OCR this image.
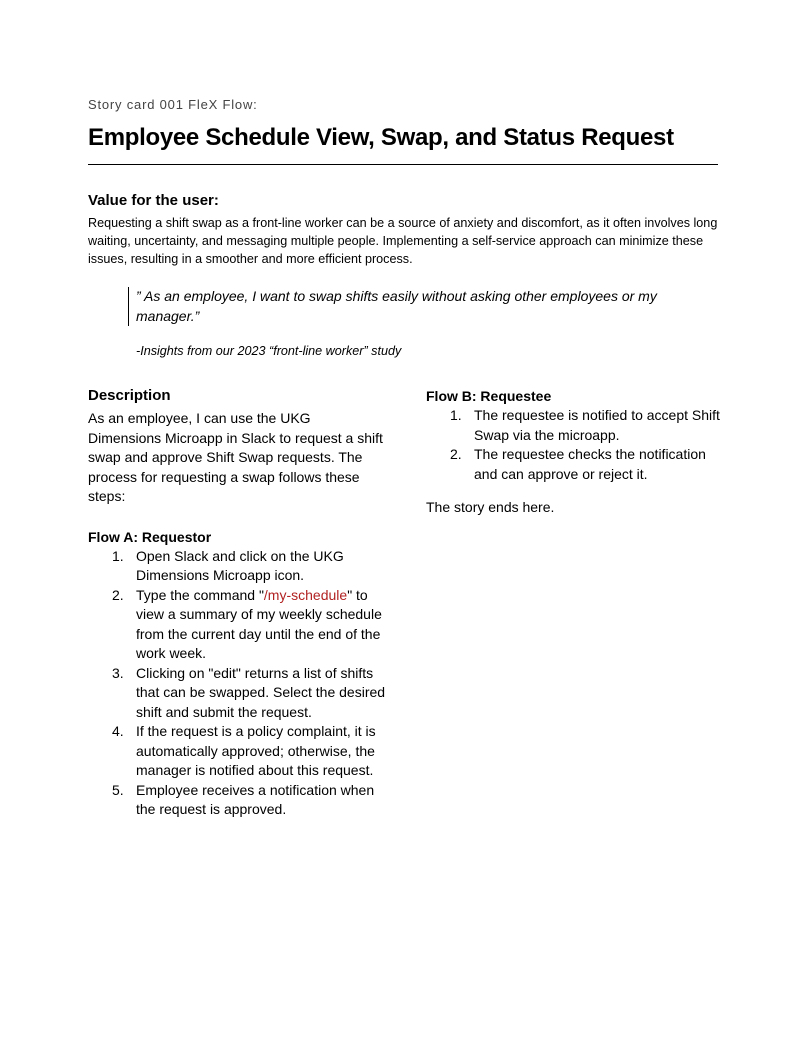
Story card 001 FleX Flow:
Employee Schedule View, Swap, and Status Request
Value for the user:
Requesting a shift swap as a front-line worker can be a source of anxiety and discomfort, as it often involves long waiting, uncertainty, and messaging multiple people. Implementing a self-service approach can minimize these issues, resulting in a smoother and more efficient process.
” As an employee, I want to swap shifts easily without asking other employees or my manager.”
-Insights from our 2023 “front-line worker” study
Description

As an employee, I can use the UKG Dimensions Microapp in Slack to request a shift swap and approve Shift Swap requests. The process for requesting a swap follows these steps:

Flow A: Requestor
1. Open Slack and click on the UKG Dimensions Microapp icon.
2. Type the command "/my-schedule" to view a summary of my weekly schedule from the current day until the end of the work week.
3. Clicking on "edit" returns a list of shifts that can be swapped. Select the desired shift and submit the request.
4. If the request is a policy complaint, it is automatically approved; otherwise, the manager is notified about this request.
5. Employee receives a notification when the request is approved.
Flow B: Requestee
1. The requestee is notified to accept Shift Swap via the microapp.
2. The requestee checks the notification and can approve or reject it.
The story ends here.
